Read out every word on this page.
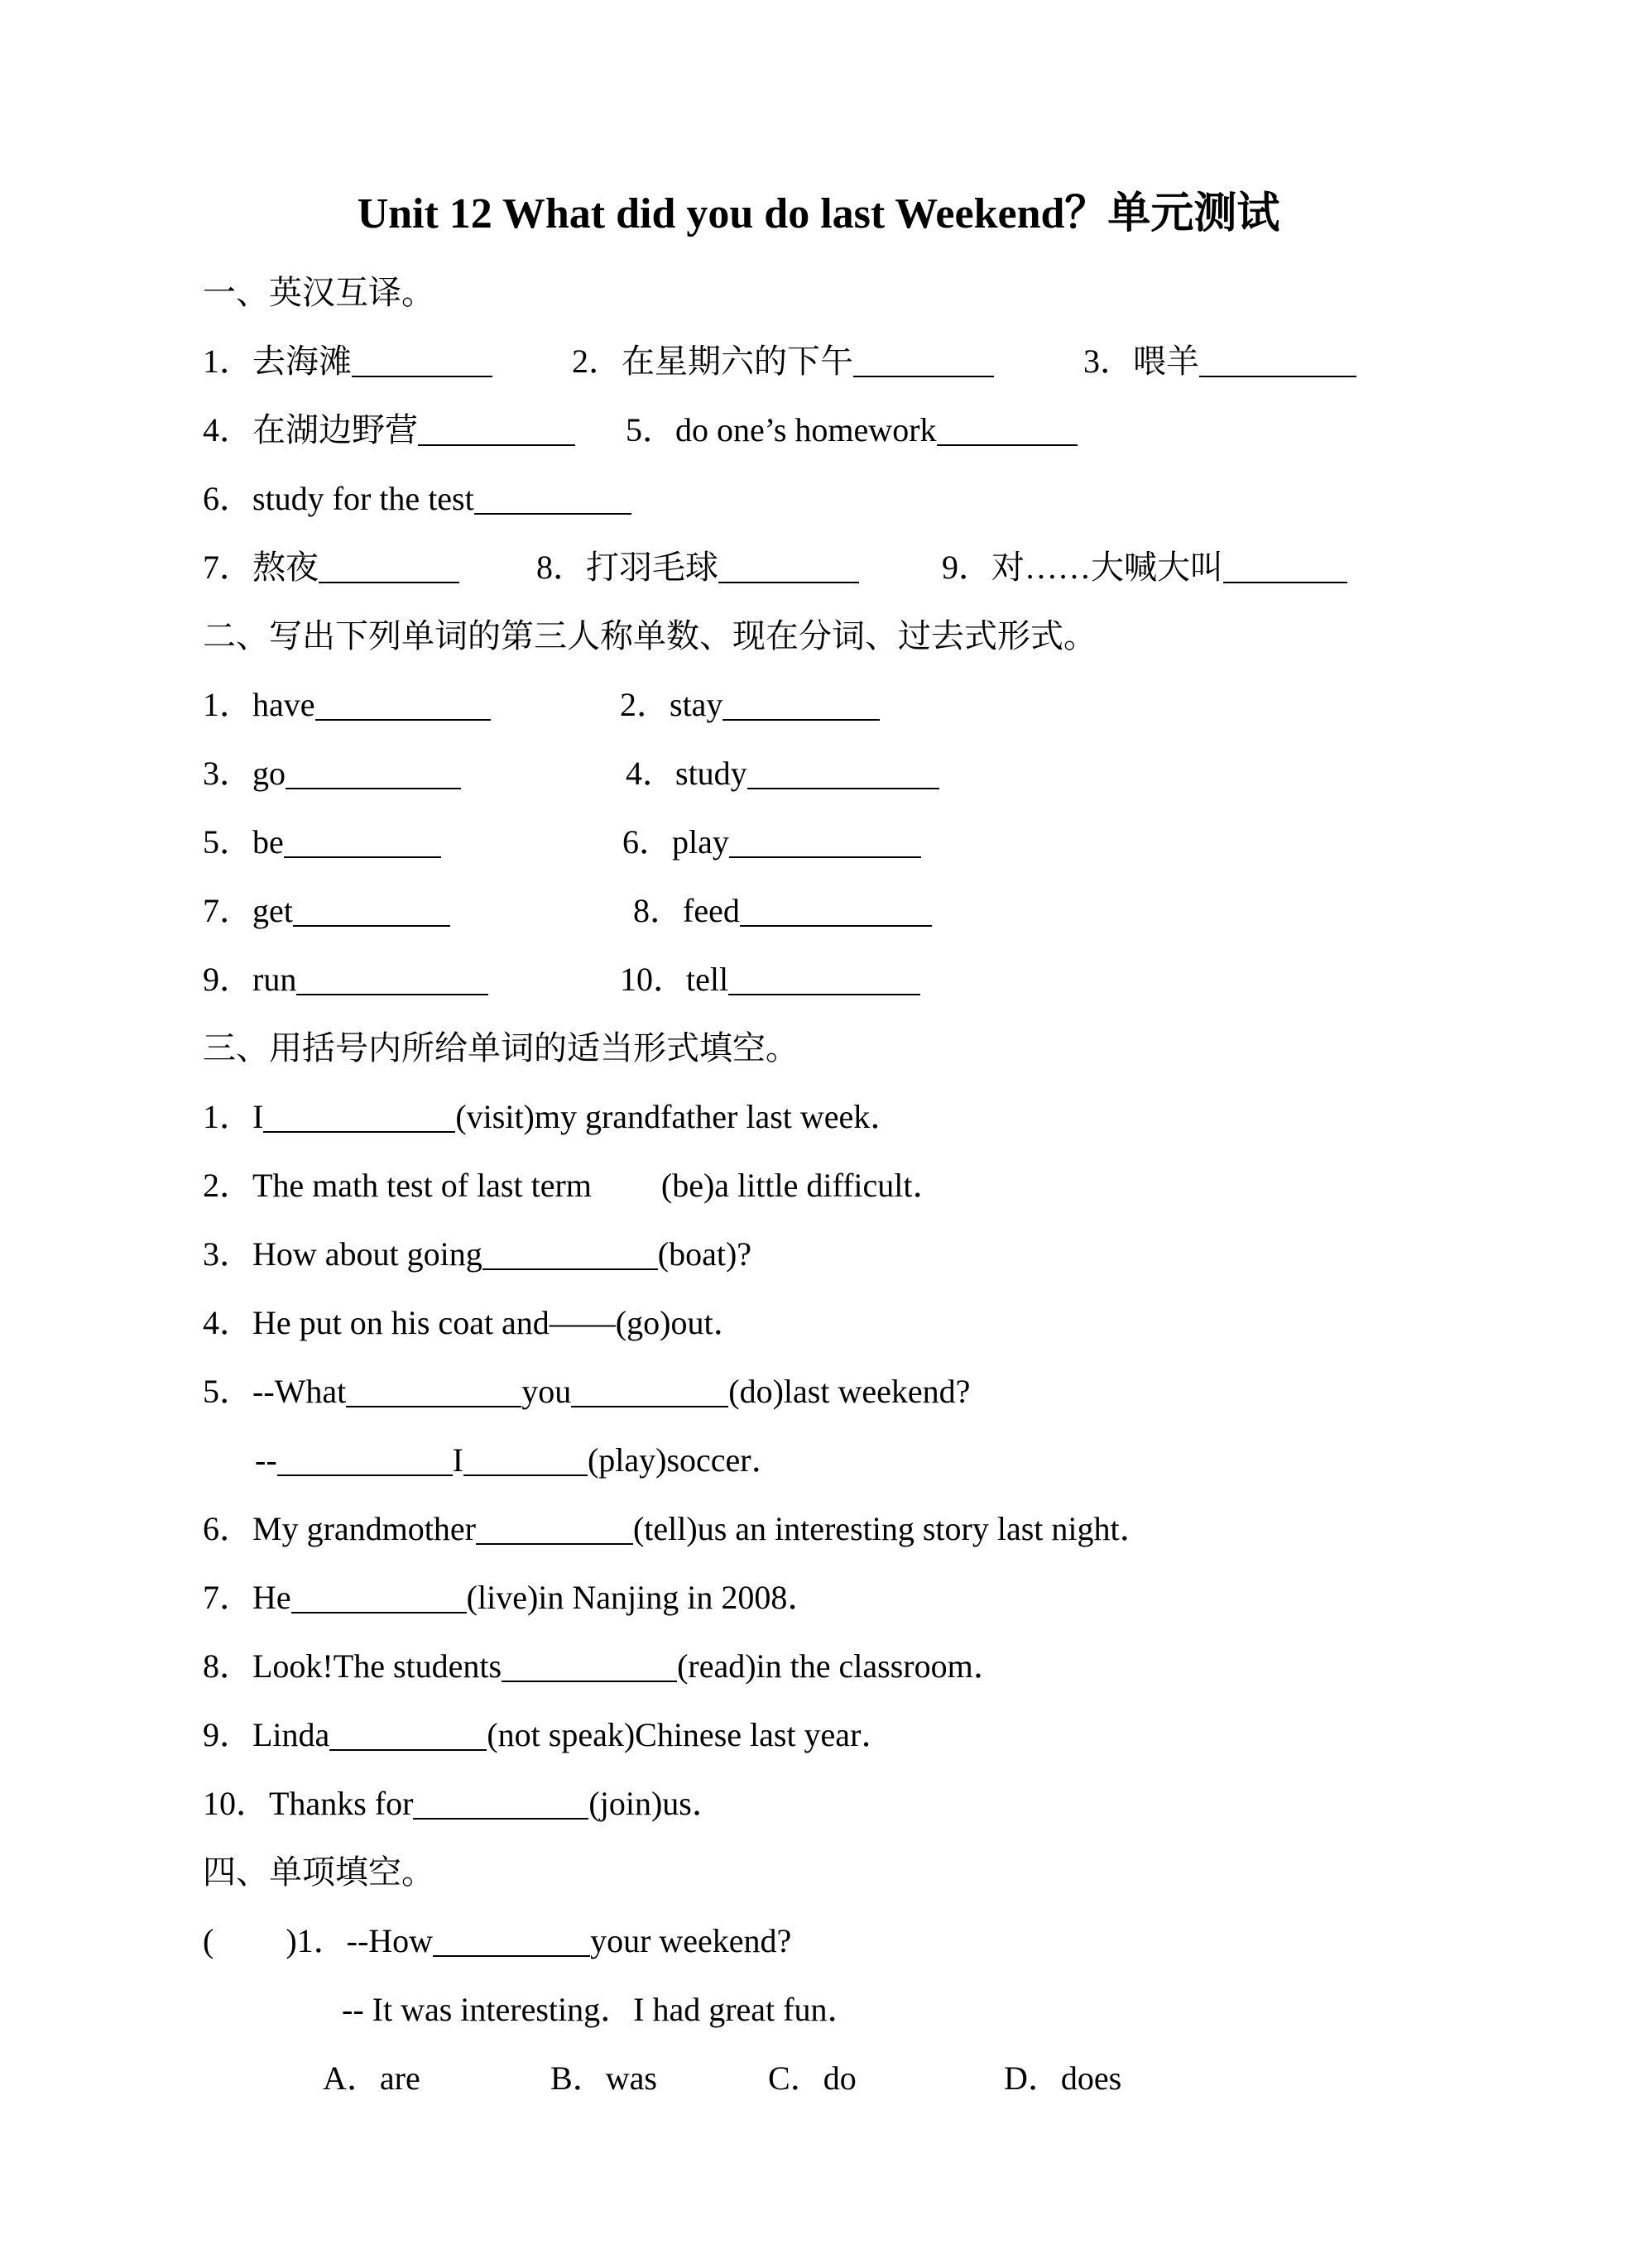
Unit 12 What did you do last Weekend？单元测试
一、英汉互译。
1．去海滩	2．在星期六的下午	3．喂羊
4．在湖边野营	5．do one’s homework
6．study for the test
7．熬夜	8．打羽毛球	9．对……大喊大叫
二、写出下列单词的第三人称单数、现在分词、过去式形式。
1．have	2．stay
3．go	4．study
5．be	6．play
7．get	8．feed
9．run	10．tell
三、用括号内所给单词的适当形式填空。
1．I	(visit)my grandfather last week．
2．The math test of last term (be)a little difficult．
3．How about going	(boat)?
4．He put on his coat and——(go)out．
5．--What	you	(do)last weekend?
--	I	(play)soccer．
6．My grandmother	(tell)us an interesting story last night．
7．He	(live)in Nanjing in 2008．
8．Look!The students	(read)in the classroom．
9．Linda	(not speak)Chinese last year．
10．Thanks for	(join)us．
四、单项填空。
( )1．--How	your weekend?
-- It was interesting．I had great fun．
A．are	B．was	C．do	D．does
